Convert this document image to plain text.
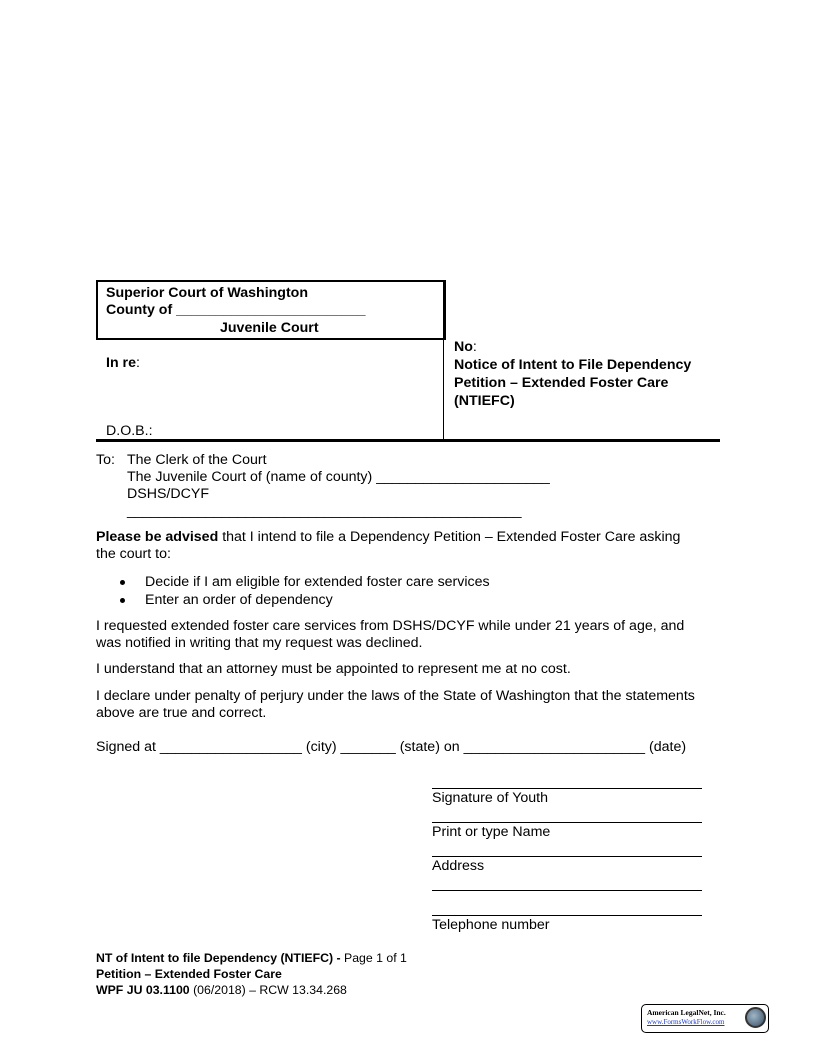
Superior Court of Washington
County of ________________________
Juvenile Court
In re:
D.O.B.:
No:
Notice of Intent to File Dependency
Petition – Extended Foster Care
(NTIEFC)
To: The Clerk of the Court
The Juvenile Court of (name of county) ______________________
DSHS/DCYF
__________________________________________________
Please be advised that I intend to file a Dependency Petition – Extended Foster Care asking
the court to:
Decide if I am eligible for extended foster care services
Enter an order of dependency
I requested extended foster care services from DSHS/DCYF while under 21 years of age, and
was notified in writing that my request was declined.
I understand that an attorney must be appointed to represent me at no cost.
I declare under penalty of perjury under the laws of the State of Washington that the statements
above are true and correct.
Signed at __________________ (city) _______ (state) on _______________________ (date)
Signature of Youth
Print or type Name
Address
Telephone number
NT of Intent to file Dependency (NTIEFC) - Page 1 of 1
Petition – Extended Foster Care
WPF JU 03.1100 (06/2018) – RCW 13.34.268
American LegalNet, Inc.
www.FormsWorkFlow.com
